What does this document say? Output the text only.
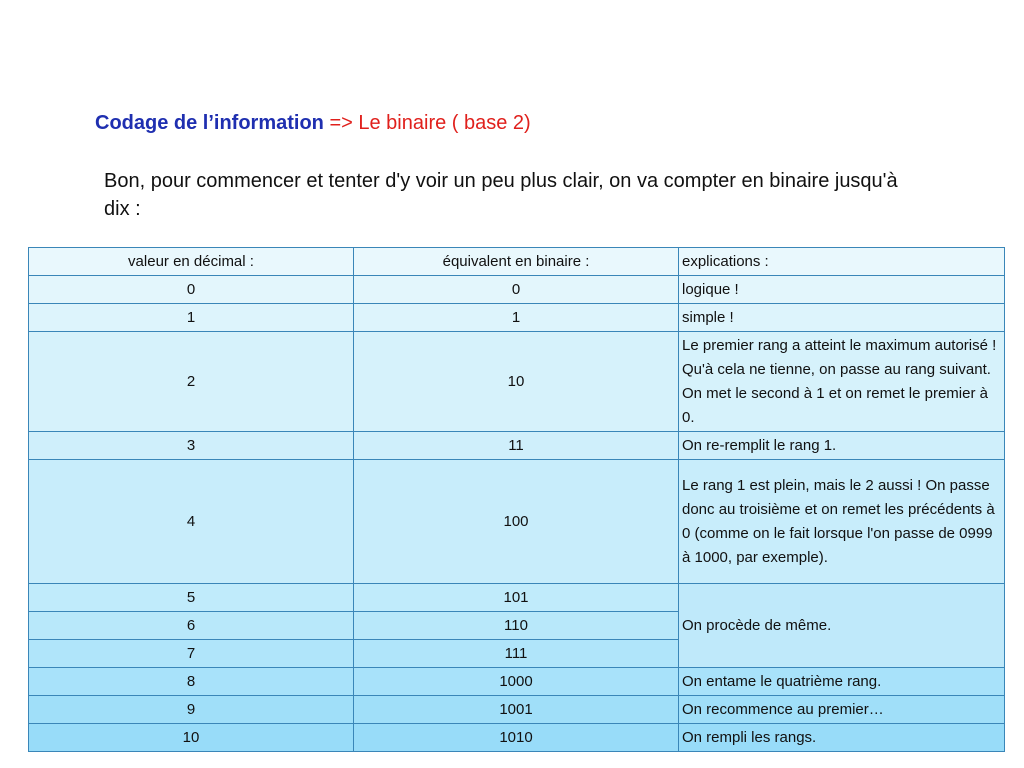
Codage de l’information => Le binaire ( base 2)
Bon, pour commencer et tenter d'y voir un peu plus clair, on va compter en binaire jusqu'à dix :
valeur en décimal :	équivalent en binaire :	explications :
0	0	logique !
1	1	simple !
2	10	Le premier rang a atteint le maximum autorisé ! Qu'à cela ne tienne, on passe au rang suivant. On met le second à 1 et on remet le premier à 0.
3	11	On re-remplit le rang 1.
4	100	Le rang 1 est plein, mais le 2 aussi ! On passe donc au troisième et on remet les précédents à 0 (comme on le fait lorsque l'on passe de 0999 à 1000, par exemple).
5	101	On procède de même.
6	110	
7	111	
8	1000	On entame le quatrième rang.
9	1001	On recommence au premier…
10	1010	On rempli les rangs.
